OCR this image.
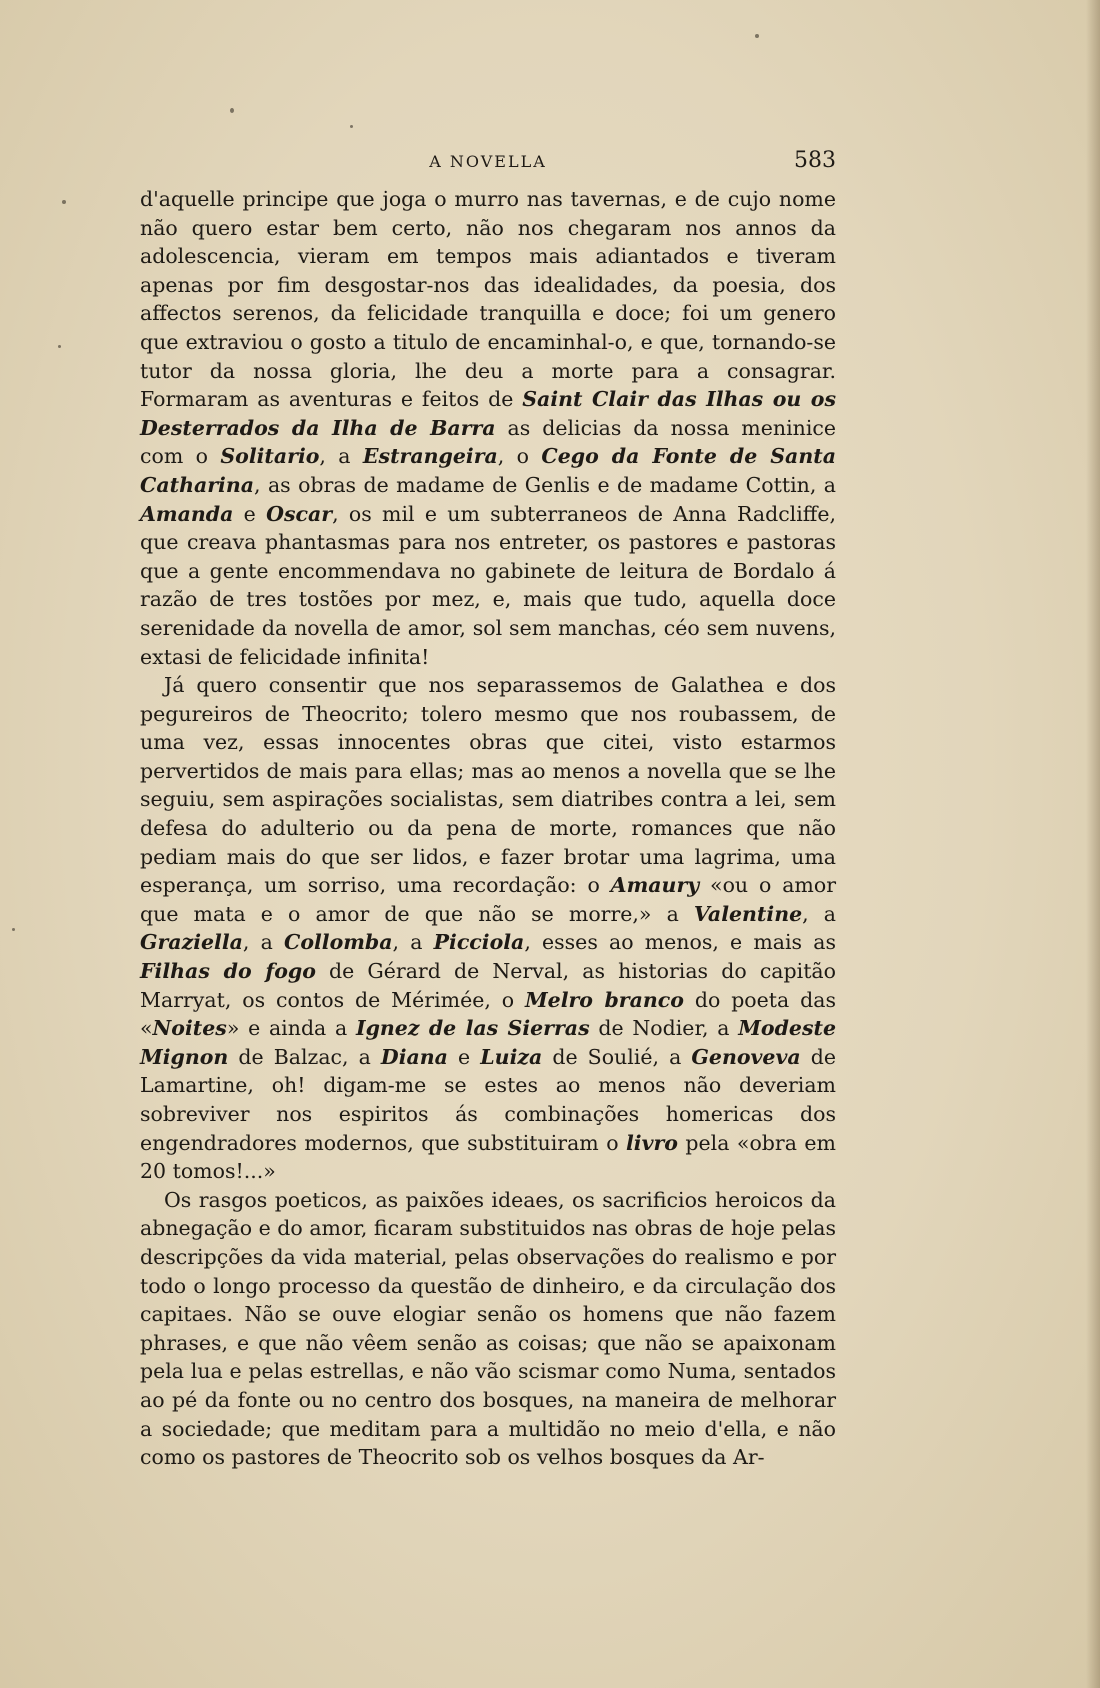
A NOVELLA	583

d'aquelle principe que joga o murro nas tavernas, e de cujo nome não quero estar bem certo, não nos chegaram nos annos da adolescencia, vieram em tempos mais adiantados e tiveram apenas por fim desgostar-nos das idealidades, da poesia, dos affectos serenos, da felicidade tranquilla e doce; foi um genero que extraviou o gosto a titulo de encaminhal-o, e que, tornando-se tutor da nossa gloria, lhe deu a morte para a consagrar. Formaram as aventuras e feitos de Saint Clair das Ilhas ou os Desterrados da Ilha de Barra as delicias da nossa meninice com o Solitario, a Estrangeira, o Cego da Fonte de Santa Catharina, as obras de madame de Genlis e de madame Cottin, a Amanda e Oscar, os mil e um subterraneos de Anna Radcliffe, que creava phantasmas para nos entreter, os pastores e pastoras que a gente encommendava no gabinete de leitura de Bordalo á razão de tres tostões por mez, e, mais que tudo, aquella doce serenidade da novella de amor, sol sem manchas, céo sem nuvens, extasi de felicidade infinita!

Já quero consentir que nos separassemos de Galathea e dos pegureiros de Theocrito; tolero mesmo que nos roubassem, de uma vez, essas innocentes obras que citei, visto estarmos pervertidos de mais para ellas; mas ao menos a novella que se lhe seguiu, sem aspirações socialistas, sem diatribes contra a lei, sem defesa do adulterio ou da pena de morte, romances que não pediam mais do que ser lidos, e fazer brotar uma lagrima, uma esperança, um sorriso, uma recordação: o Amaury «ou o amor que mata e o amor de que não se morre,» a Valentine, a Graziella, a Collomba, a Picciola, esses ao menos, e mais as Filhas do fogo de Gérard de Nerval, as historias do capitão Marryat, os contos de Mérimée, o Melro branco do poeta das «Noites» e ainda a Ignez de las Sierras de Nodier, a Modeste Mignon de Balzac, a Diana e Luiza de Soulié, a Genoveva de Lamartine, oh! digam-me se estes ao menos não deveriam sobreviver nos espiritos ás combinações homericas dos engendradores modernos, que substituiram o livro pela «obra em 20 tomos!...»

Os rasgos poeticos, as paixões ideaes, os sacrificios heroicos da abnegação e do amor, ficaram substituidos nas obras de hoje pelas descripções da vida material, pelas observações do realismo e por todo o longo processo da questão de dinheiro, e da circulação dos capitaes. Não se ouve elogiar senão os homens que não fazem phrases, e que não vêem senão as coisas; que não se apaixonam pela lua e pelas estrellas, e não vão scismar como Numa, sentados ao pé da fonte ou no centro dos bosques, na maneira de melhorar a sociedade; que meditam para a multidão no meio d'ella, e não como os pastores de Theocrito sob os velhos bosques da Ar-
